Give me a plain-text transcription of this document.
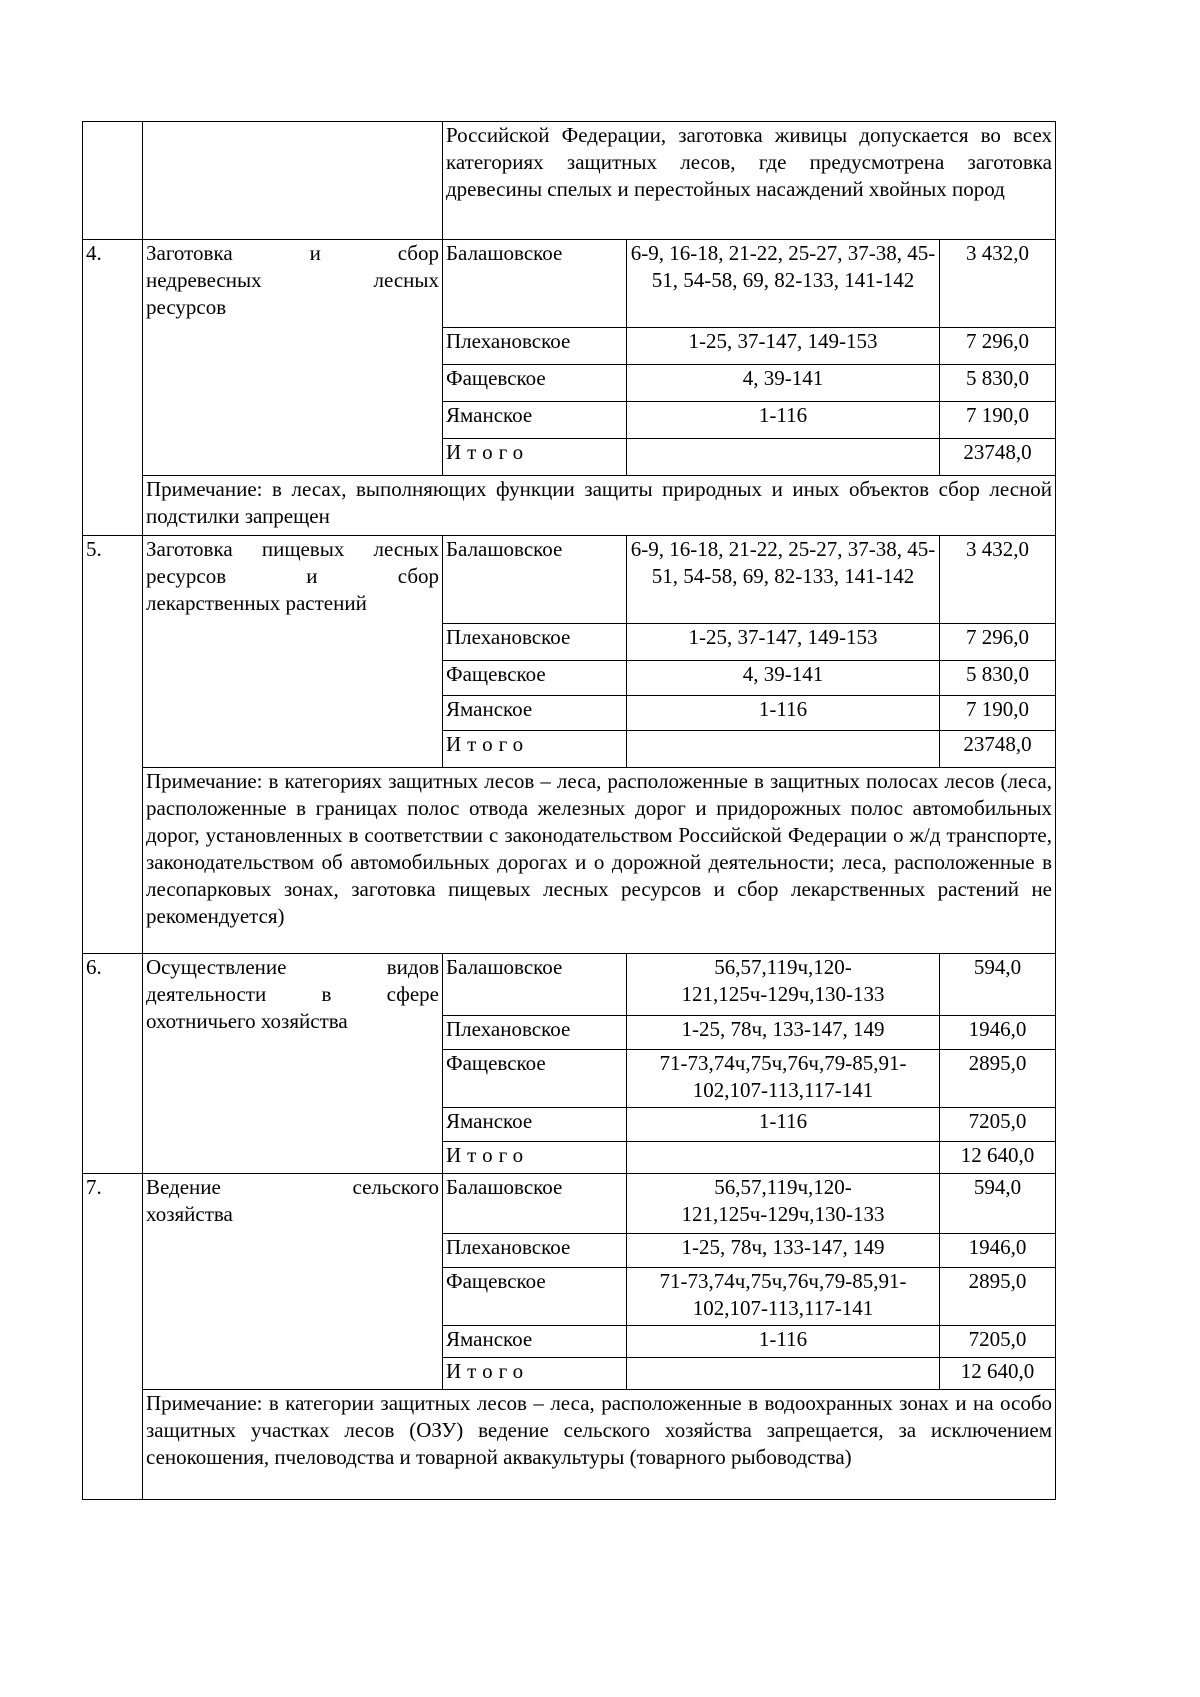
		Российской Федерации, заготовка живицы допускается во всех категориях защитных лесов, где предусмотрена заготовка древесины спелых и перестойных насаждений хвойных пород		
4.	Заготовка и сбор
недревесных лесных
ресурсов	Балашовское	6-9, 16-18, 21-22, 25-27, 37-38, 45-51, 54-58, 69, 82-133, 141-142	3 432,0
		Плехановское	1-25, 37-147, 149-153	7 296,0
		Фащевское	4, 39-141	5 830,0
		Яманское	1-116	7 190,0
		Итого		23748,0
	Примечание: в лесах, выполняющих функции защиты природных и иных объектов сбор лесной подстилки запрещен			
5.	Заготовка пищевых лесных
ресурсов и сбор
лекарственных растений	Балашовское	6-9, 16-18, 21-22, 25-27, 37-38, 45-51, 54-58, 69, 82-133, 141-142	3 432,0
		Плехановское	1-25, 37-147, 149-153	7 296,0
		Фащевское	4, 39-141	5 830,0
		Яманское	1-116	7 190,0
		Итого		23748,0
	Примечание: в категориях защитных лесов – леса, расположенные в защитных полосах лесов (леса, расположенные в границах полос отвода железных дорог и придорожных полос автомобильных дорог, установленных в соответствии с законодательством Российской Федерации о ж/д транспорте, законодательством об автомобильных дорогах и о дорожной деятельности; леса, расположенные в лесопарковых зонах, заготовка пищевых лесных ресурсов и сбор лекарственных растений не рекомендуется)			
6.	Осуществление видов
деятельности в сфере
охотничьего хозяйства	Балашовское	56,57,119ч,120-121,125ч-129ч,130-133	594,0
		Плехановское	1-25, 78ч, 133-147, 149	1946,0
		Фащевское	71-73,74ч,75ч,76ч,79-85,91-102,107-113,117-141	2895,0
		Яманское	1-116	7205,0
		Итого		12 640,0
7.	Ведение сельского
хозяйства	Балашовское	56,57,119ч,120-121,125ч-129ч,130-133	594,0
		Плехановское	1-25, 78ч, 133-147, 149	1946,0
		Фащевское	71-73,74ч,75ч,76ч,79-85,91-102,107-113,117-141	2895,0
		Яманское	1-116	7205,0
		Итого		12 640,0
	Примечание: в категории защитных лесов – леса, расположенные в водоохранных зонах и на особо защитных участках лесов (ОЗУ) ведение сельского хозяйства запрещается, за исключением сенокошения, пчеловодства и товарной аквакультуры (товарного рыбоводства)			
